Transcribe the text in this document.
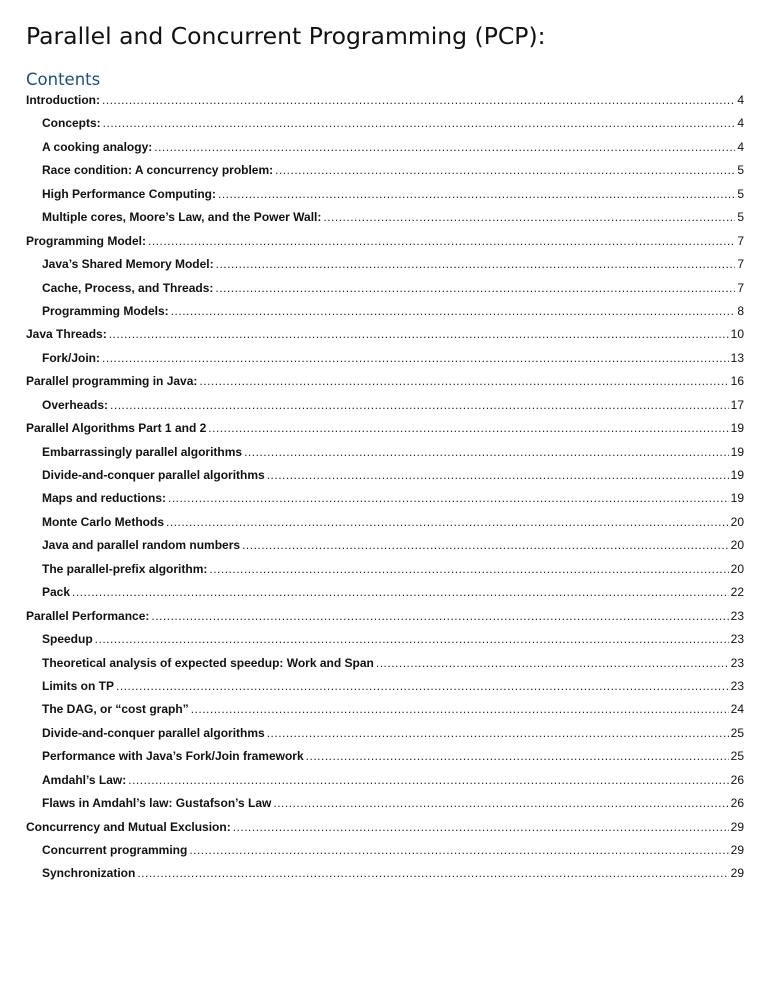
Parallel and Concurrent Programming (PCP):
Contents
Introduction: .....	4
Concepts: .....	4
A cooking analogy: .....	4
Race condition: A concurrency problem: .....	5
High Performance Computing: .....	5
Multiple cores, Moore’s Law, and the Power Wall: .....	5
Programming Model: .....	7
Java’s Shared Memory Model: .....	7
Cache, Process, and Threads: .....	7
Programming Models: .....	8
Java Threads: .....	10
Fork/Join: .....	13
Parallel programming in Java: .....	16
Overheads: .....	17
Parallel Algorithms Part 1 and 2 .....	19
Embarrassingly parallel algorithms .....	19
Divide-and-conquer parallel algorithms .....	19
Maps and reductions: .....	19
Monte Carlo Methods .....	20
Java and parallel random numbers .....	20
The parallel-prefix algorithm: .....	20
Pack .....	22
Parallel Performance: .....	23
Speedup .....	23
Theoretical analysis of expected speedup: Work and Span .....	23
Limits on TP .....	23
The DAG, or “cost graph” .....	24
Divide-and-conquer parallel algorithms .....	25
Performance with Java’s Fork/Join framework .....	25
Amdahl’s Law: .....	26
Flaws in Amdahl’s law: Gustafson’s Law .....	26
Concurrency and Mutual Exclusion: .....	29
Concurrent programming .....	29
Synchronization .....	29
